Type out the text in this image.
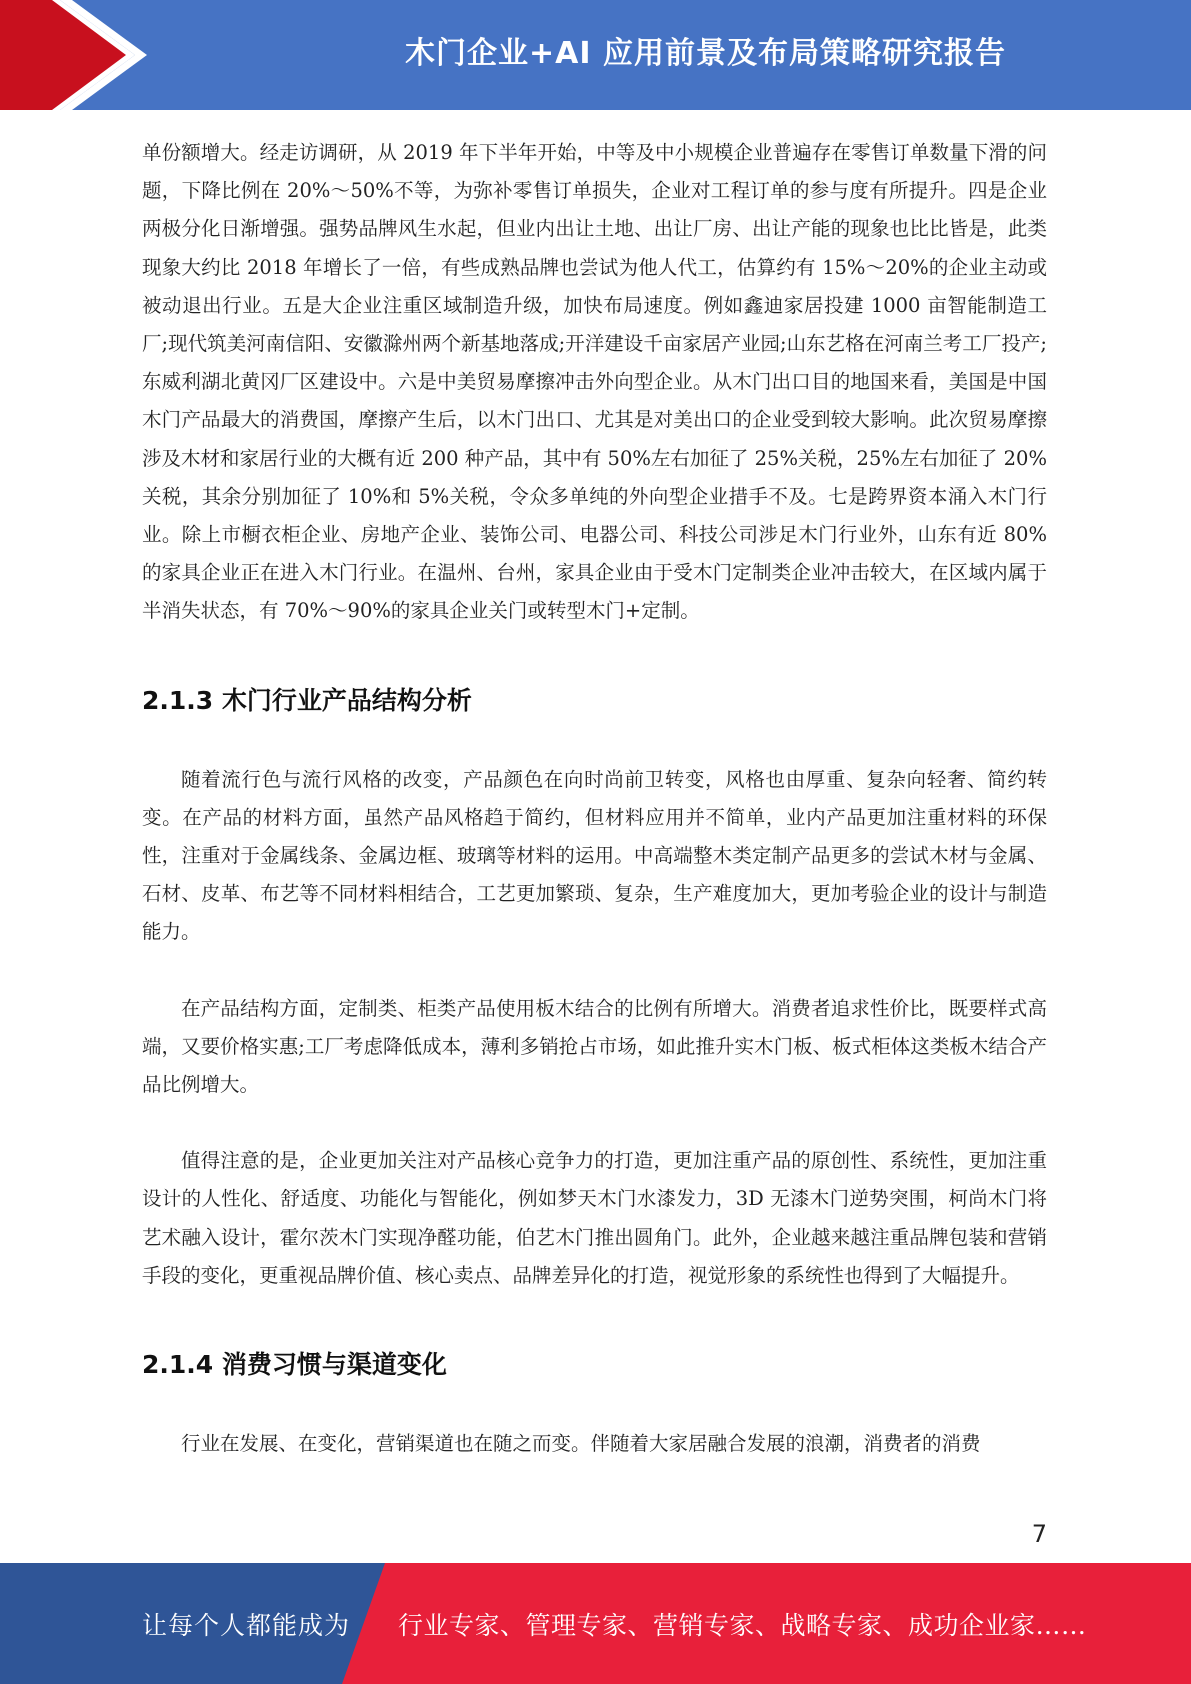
木门企业+AI 应用前景及布局策略研究报告

单份额增大。经走访调研，从 2019 年下半年开始，中等及中小规模企业普遍存在零售订单数量下滑的问题，下降比例在 20%～50%不等，为弥补零售订单损失，企业对工程订单的参与度有所提升。四是企业两极分化日渐增强。强势品牌风生水起，但业内出让土地、出让厂房、出让产能的现象也比比皆是，此类现象大约比 2018 年增长了一倍，有些成熟品牌也尝试为他人代工，估算约有 15%～20%的企业主动或被动退出行业。五是大企业注重区域制造升级，加快布局速度。例如鑫迪家居投建 1000 亩智能制造工厂;现代筑美河南信阳、安徽滁州两个新基地落成;开洋建设千亩家居产业园;山东艺格在河南兰考工厂投产;东威利湖北黄冈厂区建设中。六是中美贸易摩擦冲击外向型企业。从木门出口目的地国来看，美国是中国木门产品最大的消费国，摩擦产生后，以木门出口、尤其是对美出口的企业受到较大影响。此次贸易摩擦涉及木材和家居行业的大概有近 200 种产品，其中有 50%左右加征了 25%关税，25%左右加征了 20%关税，其余分别加征了 10%和 5%关税，令众多单纯的外向型企业措手不及。七是跨界资本涌入木门行业。除上市橱衣柜企业、房地产企业、装饰公司、电器公司、科技公司涉足木门行业外，山东有近 80%的家具企业正在进入木门行业。在温州、台州，家具企业由于受木门定制类企业冲击较大，在区域内属于半消失状态，有 70%～90%的家具企业关门或转型木门+定制。

2.1.3 木门行业产品结构分析

随着流行色与流行风格的改变，产品颜色在向时尚前卫转变，风格也由厚重、复杂向轻奢、简约转变。在产品的材料方面，虽然产品风格趋于简约，但材料应用并不简单，业内产品更加注重材料的环保性，注重对于金属线条、金属边框、玻璃等材料的运用。中高端整木类定制产品更多的尝试木材与金属、石材、皮革、布艺等不同材料相结合，工艺更加繁琐、复杂，生产难度加大，更加考验企业的设计与制造能力。

在产品结构方面，定制类、柜类产品使用板木结合的比例有所增大。消费者追求性价比，既要样式高端，又要价格实惠;工厂考虑降低成本，薄利多销抢占市场，如此推升实木门板、板式柜体这类板木结合产品比例增大。

值得注意的是，企业更加关注对产品核心竞争力的打造，更加注重产品的原创性、系统性，更加注重设计的人性化、舒适度、功能化与智能化，例如梦天木门水漆发力，3D 无漆木门逆势突围，柯尚木门将艺术融入设计，霍尔茨木门实现净醛功能，伯艺木门推出圆角门。此外，企业越来越注重品牌包装和营销手段的变化，更重视品牌价值、核心卖点、品牌差异化的打造，视觉形象的系统性也得到了大幅提升。

2.1.4 消费习惯与渠道变化

行业在发展、在变化，营销渠道也在随之而变。伴随着大家居融合发展的浪潮，消费者的消费

7
让每个人都能成为 行业专家、管理专家、营销专家、战略专家、成功企业家……
